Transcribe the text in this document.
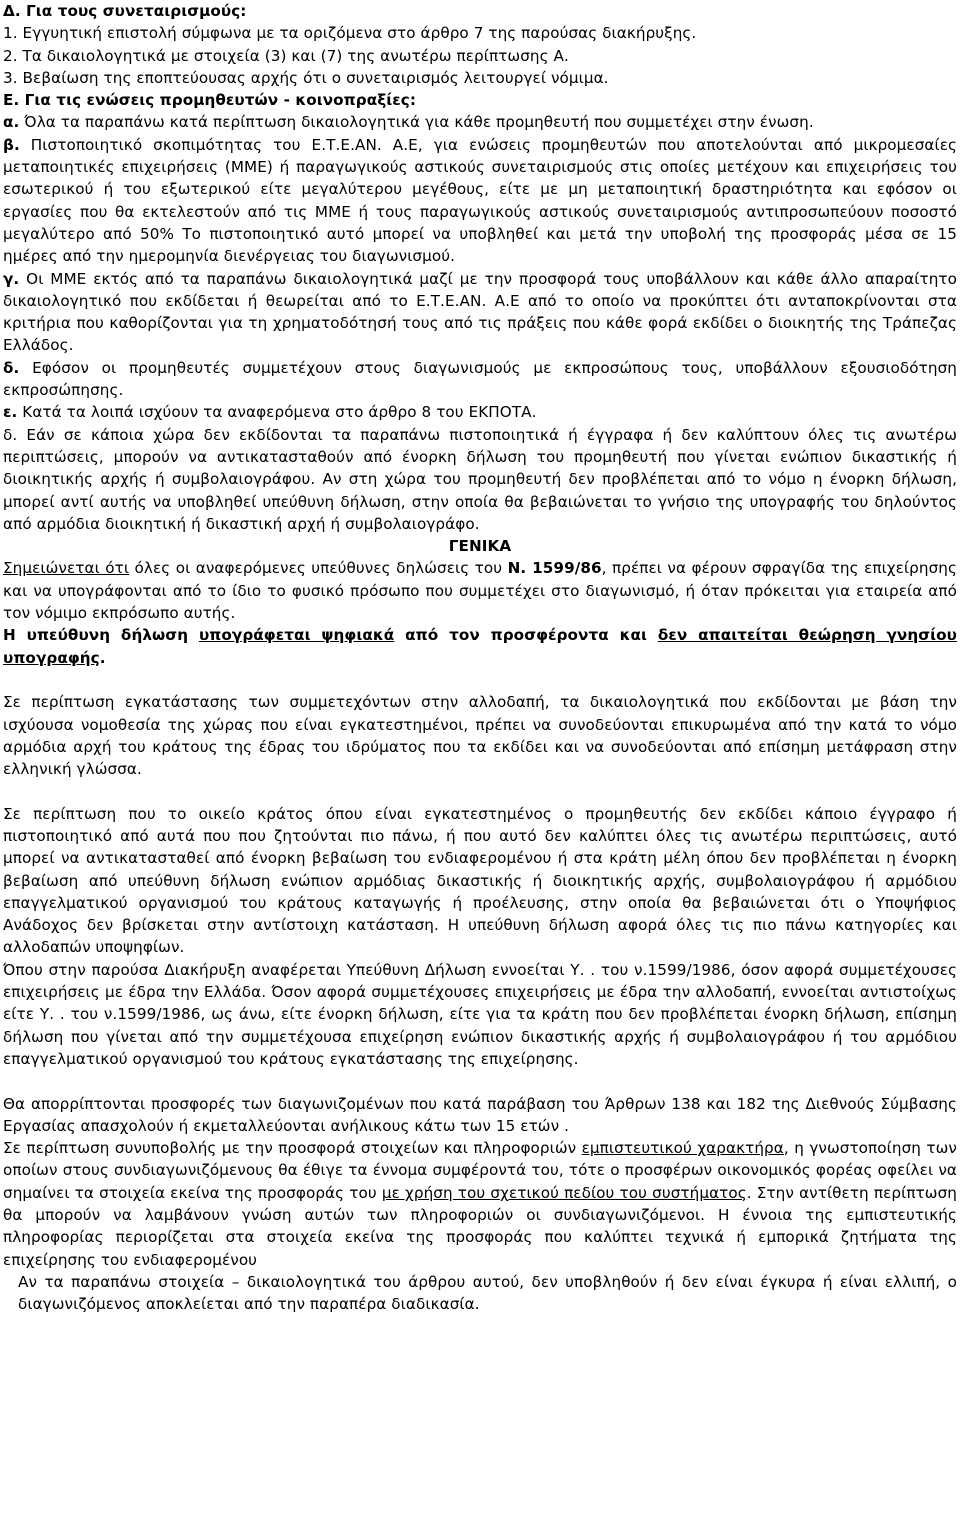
Δ. Για τους συνεταιρισμούς:

1. Εγγυητική επιστολή σύμφωνα με τα οριζόμενα στο άρθρο 7 της παρούσας διακήρυξης.

2. Τα δικαιολογητικά με στοιχεία (3) και (7) της ανωτέρω περίπτωσης Α.

3. Βεβαίωση της εποπτεύουσας αρχής ότι ο συνεταιρισμός λειτουργεί νόμιμα.

Ε. Για τις ενώσεις προμηθευτών - κοινοπραξίες:

α. Όλα τα παραπάνω κατά περίπτωση δικαιολογητικά για κάθε προμηθευτή που συμμετέχει στην ένωση.

β. Πιστοποιητικό σκοπιμότητας του Ε.Τ.Ε.ΑΝ. Α.Ε, για ενώσεις προμηθευτών που αποτελούνται από μικρομεσαίες μεταποιητικές επιχειρήσεις (ΜΜΕ) ή παραγωγικούς αστικούς συνεταιρισμούς στις οποίες μετέχουν και επιχειρήσεις του εσωτερικού ή του εξωτερικού είτε μεγαλύτερου μεγέθους, είτε με μη μεταποιητική δραστηριότητα και εφόσον οι εργασίες που θα εκτελεστούν από τις ΜΜΕ ή τους παραγωγικούς αστικούς συνεταιρισμούς αντιπροσωπεύουν ποσοστό μεγαλύτερο από 50% Το πιστοποιητικό αυτό μπορεί να υποβληθεί και μετά την υποβολή της προσφοράς μέσα σε 15 ημέρες από την ημερομηνία διενέργειας του διαγωνισμού.

γ. Οι ΜΜΕ εκτός από τα παραπάνω δικαιολογητικά μαζί με την προσφορά τους υποβάλλουν και κάθε άλλο απαραίτητο δικαιολογητικό που εκδίδεται ή θεωρείται από το Ε.Τ.Ε.ΑΝ. Α.Ε από το οποίο να προκύπτει ότι ανταποκρίνονται στα κριτήρια που καθορίζονται για τη χρηματοδότησή τους από τις πράξεις που κάθε φορά εκδίδει ο διοικητής της Τράπεζας Ελλάδος.

δ. Εφόσον οι προμηθευτές συμμετέχουν στους διαγωνισμούς με εκπροσώπους τους, υποβάλλουν εξουσιοδότηση εκπροσώπησης.

ε. Κατά τα λοιπά ισχύουν τα αναφερόμενα στο άρθρο 8 του ΕΚΠΟΤΑ.

δ. Εάν σε κάποια χώρα δεν εκδίδονται τα παραπάνω πιστοποιητικά ή έγγραφα ή δεν καλύπτουν όλες τις ανωτέρω περιπτώσεις, μπορούν να αντικατασταθούν από ένορκη δήλωση του προμηθευτή που γίνεται ενώπιον δικαστικής ή διοικητικής αρχής ή συμβολαιογράφου. Αν στη χώρα του προμηθευτή δεν προβλέπεται από το νόμο η ένορκη δήλωση, μπορεί αντί αυτής να υποβληθεί υπεύθυνη δήλωση, στην οποία θα βεβαιώνεται το γνήσιο της υπογραφής του δηλούντος από αρμόδια διοικητική ή δικαστική αρχή ή συμβολαιογράφο.

ΓΕΝΙΚΑ

Σημειώνεται ότι όλες οι αναφερόμενες υπεύθυνες δηλώσεις του Ν. 1599/86, πρέπει να φέρουν σφραγίδα της επιχείρησης και να υπογράφονται από το ίδιο το φυσικό πρόσωπο που συμμετέχει στο διαγωνισμό, ή όταν πρόκειται για εταιρεία από τον νόμιμο εκπρόσωπο αυτής.

Η υπεύθυνη δήλωση υπογράφεται ψηφιακά από τον προσφέροντα και δεν απαιτείται θεώρηση γνησίου υπογραφής.

Σε περίπτωση εγκατάστασης των συμμετεχόντων στην αλλοδαπή, τα δικαιολογητικά που εκδίδονται με βάση την ισχύουσα νομοθεσία της χώρας που είναι εγκατεστημένοι, πρέπει να συνοδεύονται επικυρωμένα από την κατά το νόμο αρμόδια αρχή του κράτους της έδρας του ιδρύματος που τα εκδίδει και να συνοδεύονται από επίσημη μετάφραση στην ελληνική γλώσσα.

Σε περίπτωση που το οικείο κράτος όπου είναι εγκατεστημένος ο προμηθευτής δεν εκδίδει κάποιο έγγραφο ή πιστοποιητικό από αυτά που που ζητούνται πιο πάνω, ή που αυτό δεν καλύπτει όλες τις ανωτέρω περιπτώσεις, αυτό μπορεί να αντικατασταθεί από ένορκη βεβαίωση του ενδιαφερομένου ή στα κράτη μέλη όπου δεν προβλέπεται η ένορκη βεβαίωση από υπεύθυνη δήλωση ενώπιον αρμόδιας δικαστικής ή διοικητικής αρχής, συμβολαιογράφου ή αρμόδιου επαγγελματικού οργανισμού του κράτους καταγωγής ή προέλευσης, στην οποία θα βεβαιώνεται ότι ο Υποψήφιος Ανάδοχος δεν βρίσκεται στην αντίστοιχη κατάσταση. Η υπεύθυνη δήλωση αφορά όλες τις πιο πάνω κατηγορίες και αλλοδαπών υποψηφίων.

Όπου στην παρούσα Διακήρυξη αναφέρεται Υπεύθυνη Δήλωση εννοείται Υ. . του ν.1599/1986, όσον αφορά συμμετέχουσες επιχειρήσεις με έδρα την Ελλάδα. Όσον αφορά συμμετέχουσες επιχειρήσεις με έδρα την αλλοδαπή, εννοείται αντιστοίχως είτε Υ. . του ν.1599/1986, ως άνω, είτε ένορκη δήλωση, είτε για τα κράτη που δεν προβλέπεται ένορκη δήλωση, επίσημη δήλωση που γίνεται από την συμμετέχουσα επιχείρηση ενώπιον δικαστικής αρχής ή συμβολαιογράφου ή του αρμόδιου επαγγελματικού οργανισμού του κράτους εγκατάστασης της επιχείρησης.

Θα απορρίπτονται προσφορές των διαγωνιζομένων που κατά παράβαση του Άρθρων 138 και 182 της Διεθνούς Σύμβασης Εργασίας απασχολούν ή εκμεταλλεύονται ανήλικους κάτω των 15 ετών .

Σε περίπτωση συνυποβολής με την προσφορά στοιχείων και πληροφοριών εμπιστευτικού χαρακτήρα, η γνωστοποίηση των οποίων στους συνδιαγωνιζόμενους θα έθιγε τα έννομα συμφέροντά του, τότε ο προσφέρων οικονομικός φορέας οφείλει να σημαίνει τα στοιχεία εκείνα της προσφοράς του με χρήση του σχετικού πεδίου του συστήματος. Στην αντίθετη περίπτωση θα μπορούν να λαμβάνουν γνώση αυτών των πληροφοριών οι συνδιαγωνιζόμενοι. Η έννοια της εμπιστευτικής πληροφορίας περιορίζεται στα στοιχεία εκείνα της προσφοράς που καλύπτει τεχνικά ή εμπορικά ζητήματα της επιχείρησης του ενδιαφερομένου

Αν τα παραπάνω στοιχεία – δικαιολογητικά του άρθρου αυτού, δεν υποβληθούν ή δεν είναι έγκυρα ή είναι ελλιπή, ο διαγωνιζόμενος αποκλείεται από την παραπέρα διαδικασία.
